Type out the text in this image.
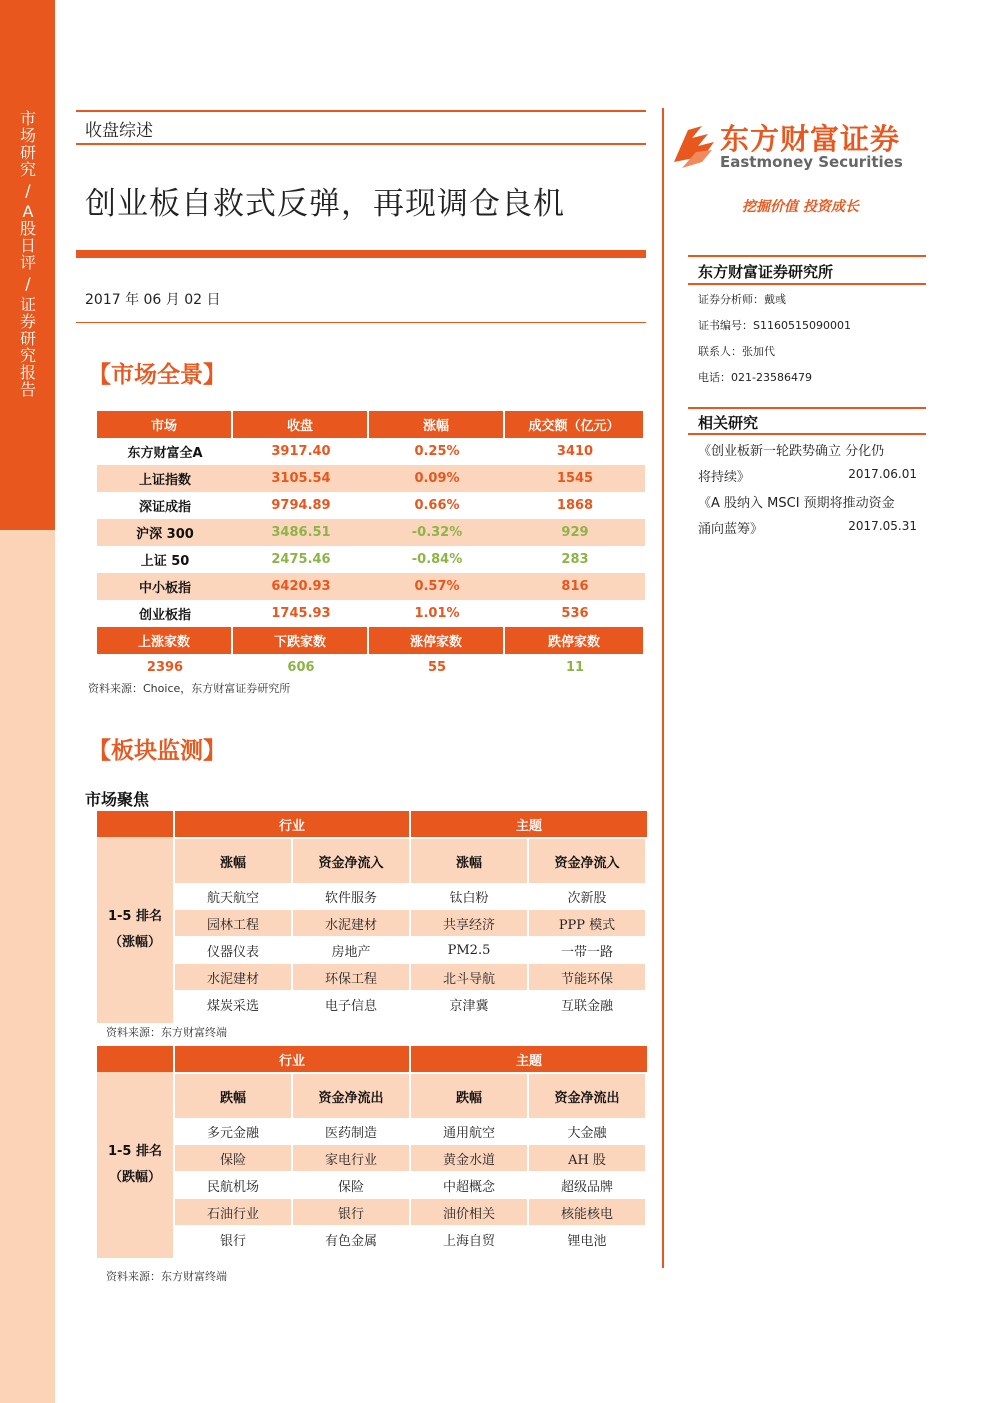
市
场
研
究
/
A
股
日
评
/
证
券
研
究
报
告
收盘综述
创业板自救式反弹，再现调仓良机
2017 年 06 月 02 日
【市场全景】
市场	收盘	涨幅	成交额（亿元）
东方财富全A	3917.40	0.25%	3410
上证指数	3105.54	0.09%	1545
深证成指	9794.89	0.66%	1868
沪深 300	3486.51	-0.32%	929
上证 50	2475.46	-0.84%	283
中小板指	6420.93	0.57%	816
创业板指	1745.93	1.01%	536
上涨家数	下跌家数	涨停家数	跌停家数
2396	606	55	11
资料来源：Choice，东方财富证券研究所
【板块监测】
市场聚焦
行业	主题
1-5 排名
（涨幅）
涨幅	资金净流入	涨幅	资金净流入
航天航空	软件服务	钛白粉	次新股
园林工程	水泥建材	共享经济	PPP 模式
仪器仪表	房地产	PM2.5	一带一路
水泥建材	环保工程	北斗导航	节能环保
煤炭采选	电子信息	京津冀	互联金融
资料来源：东方财富终端
行业	主题
1-5 排名
（跌幅）
跌幅	资金净流出	跌幅	资金净流出
多元金融	医药制造	通用航空	大金融
保险	家电行业	黄金水道	AH 股
民航机场	保险	中超概念	超级品牌
石油行业	银行	油价相关	核能核电
银行	有色金属	上海自贸	锂电池
资料来源：东方财富终端
东方财富证券
Eastmoney Securities
挖掘价值 投资成长
东方财富证券研究所
证券分析师：戴彧
证书编号：S1160515090001
联系人：张加代
电话：021-23586479
相关研究
《创业板新一轮跌势确立 分化仍
将持续》	2017.06.01
《A 股纳入 MSCI 预期将推动资金
涌向蓝筹》	2017.05.31
